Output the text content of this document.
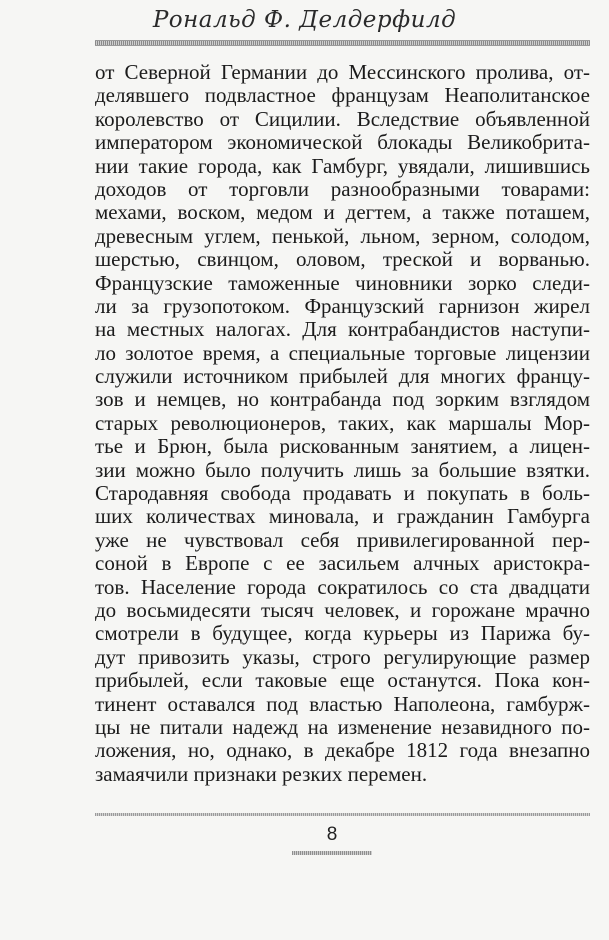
Рональд Ф. Делдерфилд
от Северной Германии до Мессинского пролива, от-
делявшего подвластное французам Неаполитанское
королевство от Сицилии. Вследствие объявленной
императором экономической блокады Великобрита-
нии такие города, как Гамбург, увядали, лишившись
доходов от торговли разнообразными товарами:
мехами, воском, медом и дегтем, а также поташем,
древесным углем, пенькой, льном, зерном, солодом,
шерстью, свинцом, оловом, треской и ворванью.
Французские таможенные чиновники зорко следи-
ли за грузопотоком. Французский гарнизон жирел
на местных налогах. Для контрабандистов наступи-
ло золотое время, а специальные торговые лицензии
служили источником прибылей для многих францу-
зов и немцев, но контрабанда под зорким взглядом
старых революционеров, таких, как маршалы Мор-
тье и Брюн, была рискованным занятием, а лицен-
зии можно было получить лишь за большие взятки.
Стародавняя свобода продавать и покупать в боль-
ших количествах миновала, и гражданин Гамбурга
уже не чувствовал себя привилегированной пер-
соной в Европе с ее засильем алчных аристокра-
тов. Население города сократилось со ста двадцати
до восьмидесяти тысяч человек, и горожане мрачно
смотрели в будущее, когда курьеры из Парижа бу-
дут привозить указы, строго регулирующие размер
прибылей, если таковые еще останутся. Пока кон-
тинент оставался под властью Наполеона, гамбурж-
цы не питали надежд на изменение незавидного по-
ложения, но, однако, в декабре 1812 года внезапно
замаячили признаки резких перемен.
8
